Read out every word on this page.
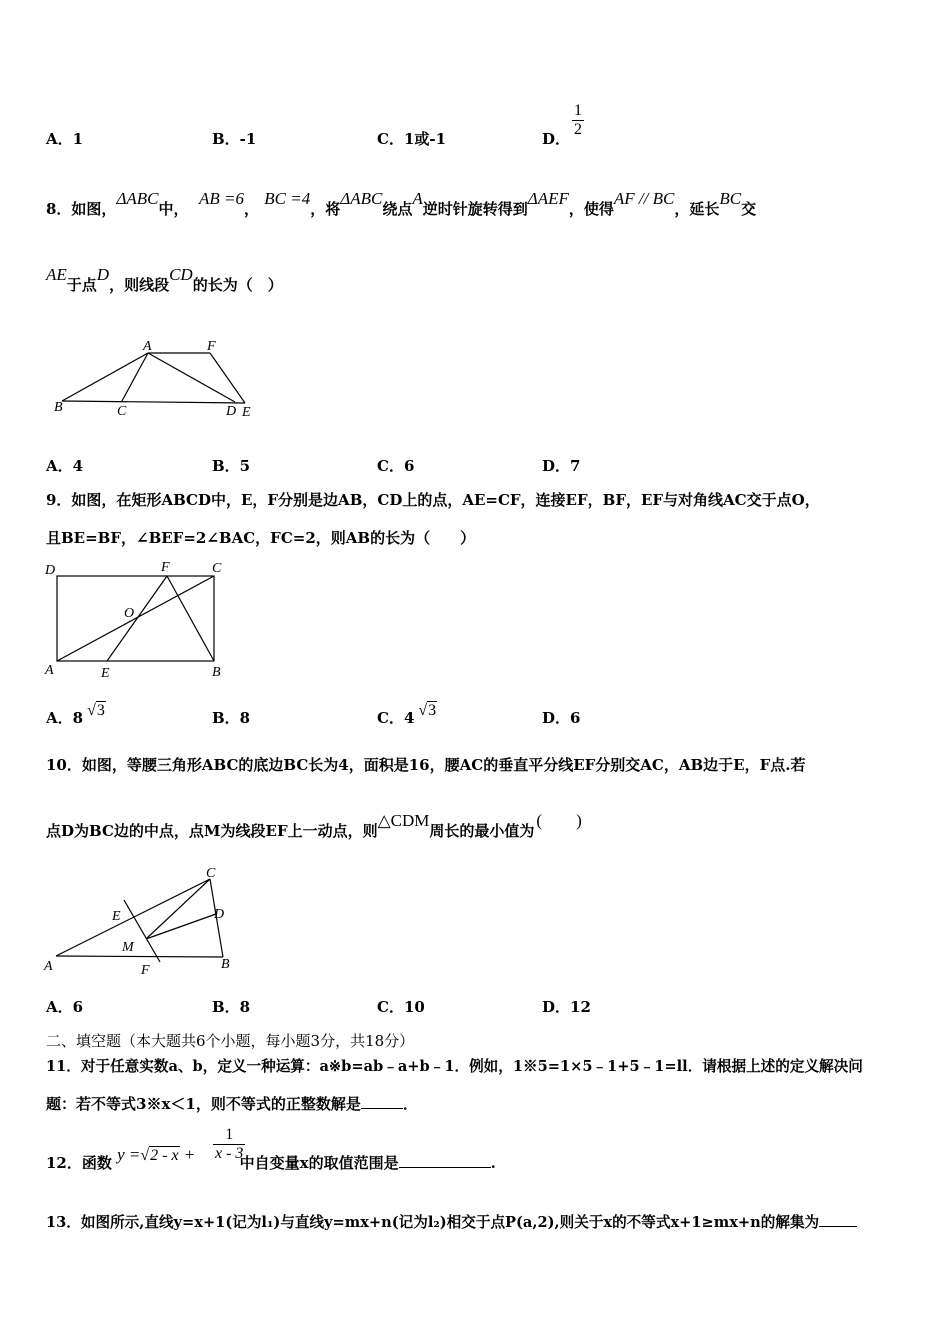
A．1	B．-1	C．1或-1	D． $\frac{1}{2}$
8．如图，ΔABC中，  AB =6， BC =4，将ΔABC绕点A逆时针旋转得到ΔAEF，使得AF // BC，延长BC交
AE于点D，则线段CD的长为（　）
A	F
B	C	D E
A．4	B．5	C．6	D．7
9．如图，在矩形ABCD中，E，F分别是边AB，CD上的点，AE=CF，连接EF，BF，EF与对角线AC交于点O，
且BE=BF，∠BEF=2∠BAC，FC=2，则AB的长为（　　）
D	F	C
O
A	E	B
A．8 √3	B．8	C．4 √3	D．6
10．如图，等腰三角形ABC的底边BC长为4，面积是16，腰AC的垂直平分线EF分别交AC，AB边于E，F点.若
点D为BC边的中点，点M为线段EF上一动点，则△CDM周长的最小值为(　　)
C
E	D
M
A	F	B
A．6	B．8	C．10	D．12
二、填空题（本大题共6个小题，每小题3分，共18分）
11．对于任意实数a、b，定义一种运算：a※b=ab﹣a+b﹣1．例如，1※5=1×5﹣1+5﹣1=ll．请根据上述的定义解决问
题：若不等式3※x＜1，则不等式的正整数解是	．
12．函数 y =√2 - x +	中自变量x的取值范围是	.
$\frac{1}{x - 3}$
13．如图所示,直线y=x+1(记为l₁)与直线y=mx+n(记为l₂)相交于点P(a,2),则关于x的不等式x+1≥mx+n的解集为
